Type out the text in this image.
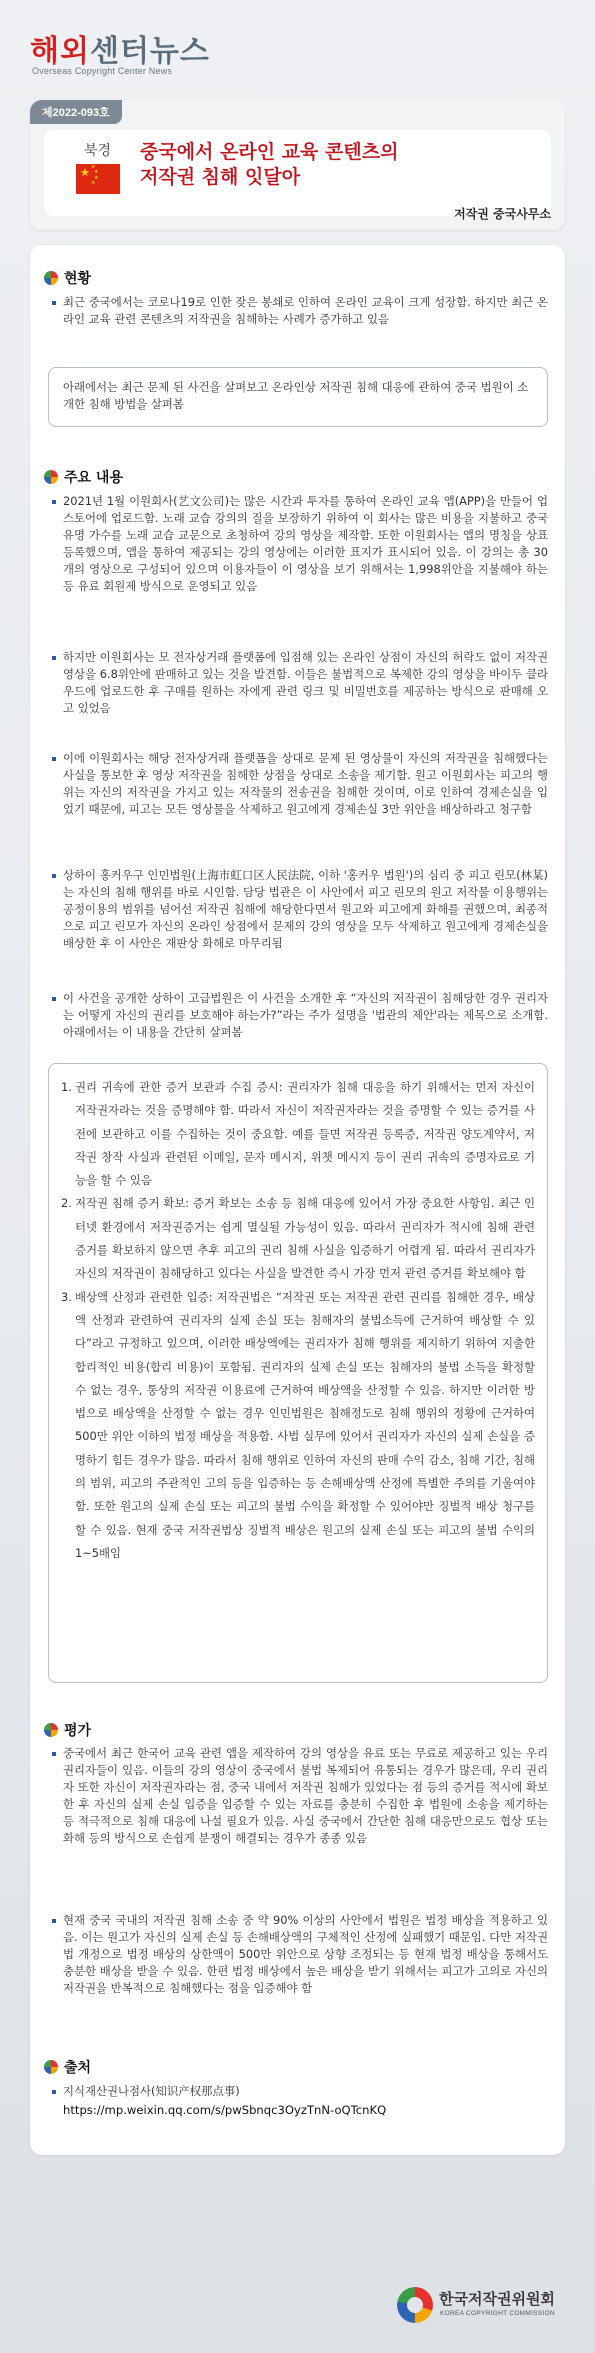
해외센터뉴스
Overseas Copyright Center News
제2022-093호
북경
★ ★
★
★
★
중국에서 온라인 교육 콘텐츠의
저작권 침해 잇달아
저작권 중국사무소
현황
최근 중국에서는 코로나19로 인한 잦은 봉쇄로 인하여 온라인 교육이 크게 성장함. 하지만 최근 온라인 교육 관련 콘텐츠의 저작권을 침해하는 사례가 증가하고 있음
아래에서는 최근 문제 된 사건을 살펴보고 온라인상 저작권 침해 대응에 관하여 중국 법원이 소개한 침해 방법을 살펴봄
주요 내용
2021년 1월 이원회사(艺文公司)는 많은 시간과 투자를 통하여 온라인 교육 앱(APP)을 만들어 업스토어에 업로드함. 노래 교습 강의의 질을 보장하기 위하여 이 회사는 많은 비용을 지불하고 중국 유명 가수를 노래 교습 교문으로 초청하여 강의 영상을 제작함. 또한 이원회사는 앱의 명칭을 상표 등록했으며, 앱을 통하여 제공되는 강의 영상에는 이러한 표지가 표시되어 있음. 이 강의는 총 30개의 영상으로 구성되어 있으며 이용자들이 이 영상을 보기 위해서는 1,998위안을 지불해야 하는 등 유료 회원제 방식으로 운영되고 있음
하지만 이원회사는 모 전자상거래 플랫폼에 입점해 있는 온라인 상점이 자신의 허락도 없이 저작권 영상을 6.8위안에 판매하고 있는 것을 발견함. 이들은 불법적으로 복제한 강의 영상을 바이두 클라우드에 업로드한 후 구매를 원하는 자에게 관련 링크 및 비밀번호를 제공하는 방식으로 판매해 오고 있었음
이에 이원회사는 해당 전자상거래 플랫폼을 상대로 문제 된 영상물이 자신의 저작권을 침해했다는 사실을 통보한 후 영상 저작권을 침해한 상점을 상대로 소송을 제기함. 원고 이원회사는 피고의 행위는 자신의 저작권을 가지고 있는 저작물의 전송권을 침해한 것이며, 이로 인하여 경제손실을 입었기 때문에, 피고는 모든 영상물을 삭제하고 원고에게 경제손실 3만 위안을 배상하라고 청구함
상하이 홍커우구 인민법원(上海市虹口区人民法院, 이하 '홍커우 법원')의 심리 중 피고 린모(林某)는 자신의 침해 행위를 바로 시인함. 담당 법관은 이 사안에서 피고 린모의 원고 저작물 이용행위는 공정이용의 범위를 넘어선 저작권 침해에 해당한다면서 원고와 피고에게 화해를 권했으며, 최종적으로 피고 린모가 자신의 온라인 상점에서 문제의 강의 영상을 모두 삭제하고 원고에게 경제손실을 배상한 후 이 사안은 재판상 화해로 마무리됨
이 사건을 공개한 상하이 고급법원은 이 사건을 소개한 후 “자신의 저작권이 침해당한 경우 권리자는 어떻게 자신의 권리를 보호해야 하는가?”라는 주가 설명을 '법관의 제안'라는 제목으로 소개함. 아래에서는 이 내용을 간단히 살펴봄
1. 권리 귀속에 관한 증거 보관과 수집 증시: 권리자가 침해 대응을 하기 위해서는 먼저 자신이 저작권자라는 것을 증명해야 함. 따라서 자신이 저작권자라는 것을 증명할 수 있는 증거를 사전에 보관하고 이를 수집하는 것이 중요함. 예를 들면 저작권 등록증, 저작권 양도계약서, 저작권 창작 사실과 관련된 이메일, 문자 메시지, 위챗 메시지 등이 권리 귀속의 증명자료로 기능을 할 수 있음
2. 저작권 침해 증거 확보: 증거 확보는 소송 등 침해 대응에 있어서 가장 중요한 사항임. 최근 인터넷 환경에서 저작권증거는 쉽게 멸실될 가능성이 있음. 따라서 권리자가 적시에 침해 관련 증거를 확보하지 않으면 추후 피고의 권리 침해 사실을 입증하기 어렵게 됨. 따라서 권리자가 자신의 저작권이 침해당하고 있다는 사실을 발견한 즉시 가장 먼저 관련 증거를 확보해야 함
3. 배상액 산정과 관련한 입증: 저작권법은 “저작권 또는 저작권 관련 권리를 침해한 경우, 배상액 산정과 관련하여 권리자의 실제 손실 또는 침해자의 불법소득에 근거하여 배상할 수 있다”라고 규정하고 있으며, 이러한 배상액에는 권리자가 침해 행위를 제지하기 위하여 지출한 합리적인 비용(합리 비용)이 포함됨. 권리자의 실제 손실 또는 침해자의 불법 소득을 확정할 수 없는 경우, 통상의 저작권 이용료에 근거하여 배상액을 산정할 수 있음. 하지만 이러한 방법으로 배상액을 산정할 수 없는 경우 인민법원은 침해정도로 침해 행위의 정황에 근거하여 500만 위안 이하의 법정 배상을 적용함. 사법 실무에 있어서 권리자가 자신의 실제 손실을 증명하기 힘든 경우가 많음. 따라서 침해 행위로 인하여 자신의 판매 수익 감소, 침해 기간, 침해의 범위, 피고의 주관적인 고의 등을 입증하는 등 손해배상액 산정에 특별한 주의를 기울여야 함. 또한 원고의 실제 손실 또는 피고의 불법 수익을 확정할 수 있어야만 징벌적 배상 청구를 할 수 있음. 현재 중국 저작권법상 징벌적 배상은 원고의 실제 손실 또는 피고의 불법 수익의 1~5배임
평가
중국에서 최근 한국어 교육 관련 앱을 제작하여 강의 영상을 유료 또는 무료로 제공하고 있는 우리 권리자들이 있음. 이들의 강의 영상이 중국에서 불법 복제되어 유통되는 경우가 많은데, 우리 권리자 또한 자신이 저작권자라는 점, 중국 내에서 저작권 침해가 있었다는 점 등의 증거를 적시에 확보한 후 자신의 실제 손실 입증을 입증할 수 있는 자료를 충분히 수집한 후 법원에 소송을 제기하는 등 적극적으로 침해 대응에 나설 필요가 있음. 사실 중국에서 간단한 침해 대응만으로도 협상 또는 화해 등의 방식으로 손쉽게 분쟁이 해결되는 경우가 종종 있음
현재 중국 국내의 저작권 침해 소송 중 약 90% 이상의 사안에서 법원은 법정 배상을 적용하고 있음. 이는 원고가 자신의 실제 손실 등 손해배상액의 구체적인 산정에 실패했기 때문임. 다만 저작권법 개정으로 법정 배상의 상한액이 500만 위안으로 상향 조정되는 등 현재 법정 배상을 통해서도 충분한 배상을 받을 수 있음. 한편 법정 배상에서 높은 배상을 받기 위해서는 피고가 고의로 자신의 저작권을 반복적으로 침해했다는 점을 입증해야 함
출처
지식재산권나점사(知识产权那点事)
https://mp.weixin.qq.com/s/pwSbnqc3OyzTnN-oQTcnKQ
한국저작권위원회
KOREA COPYRIGHT COMMISSION
